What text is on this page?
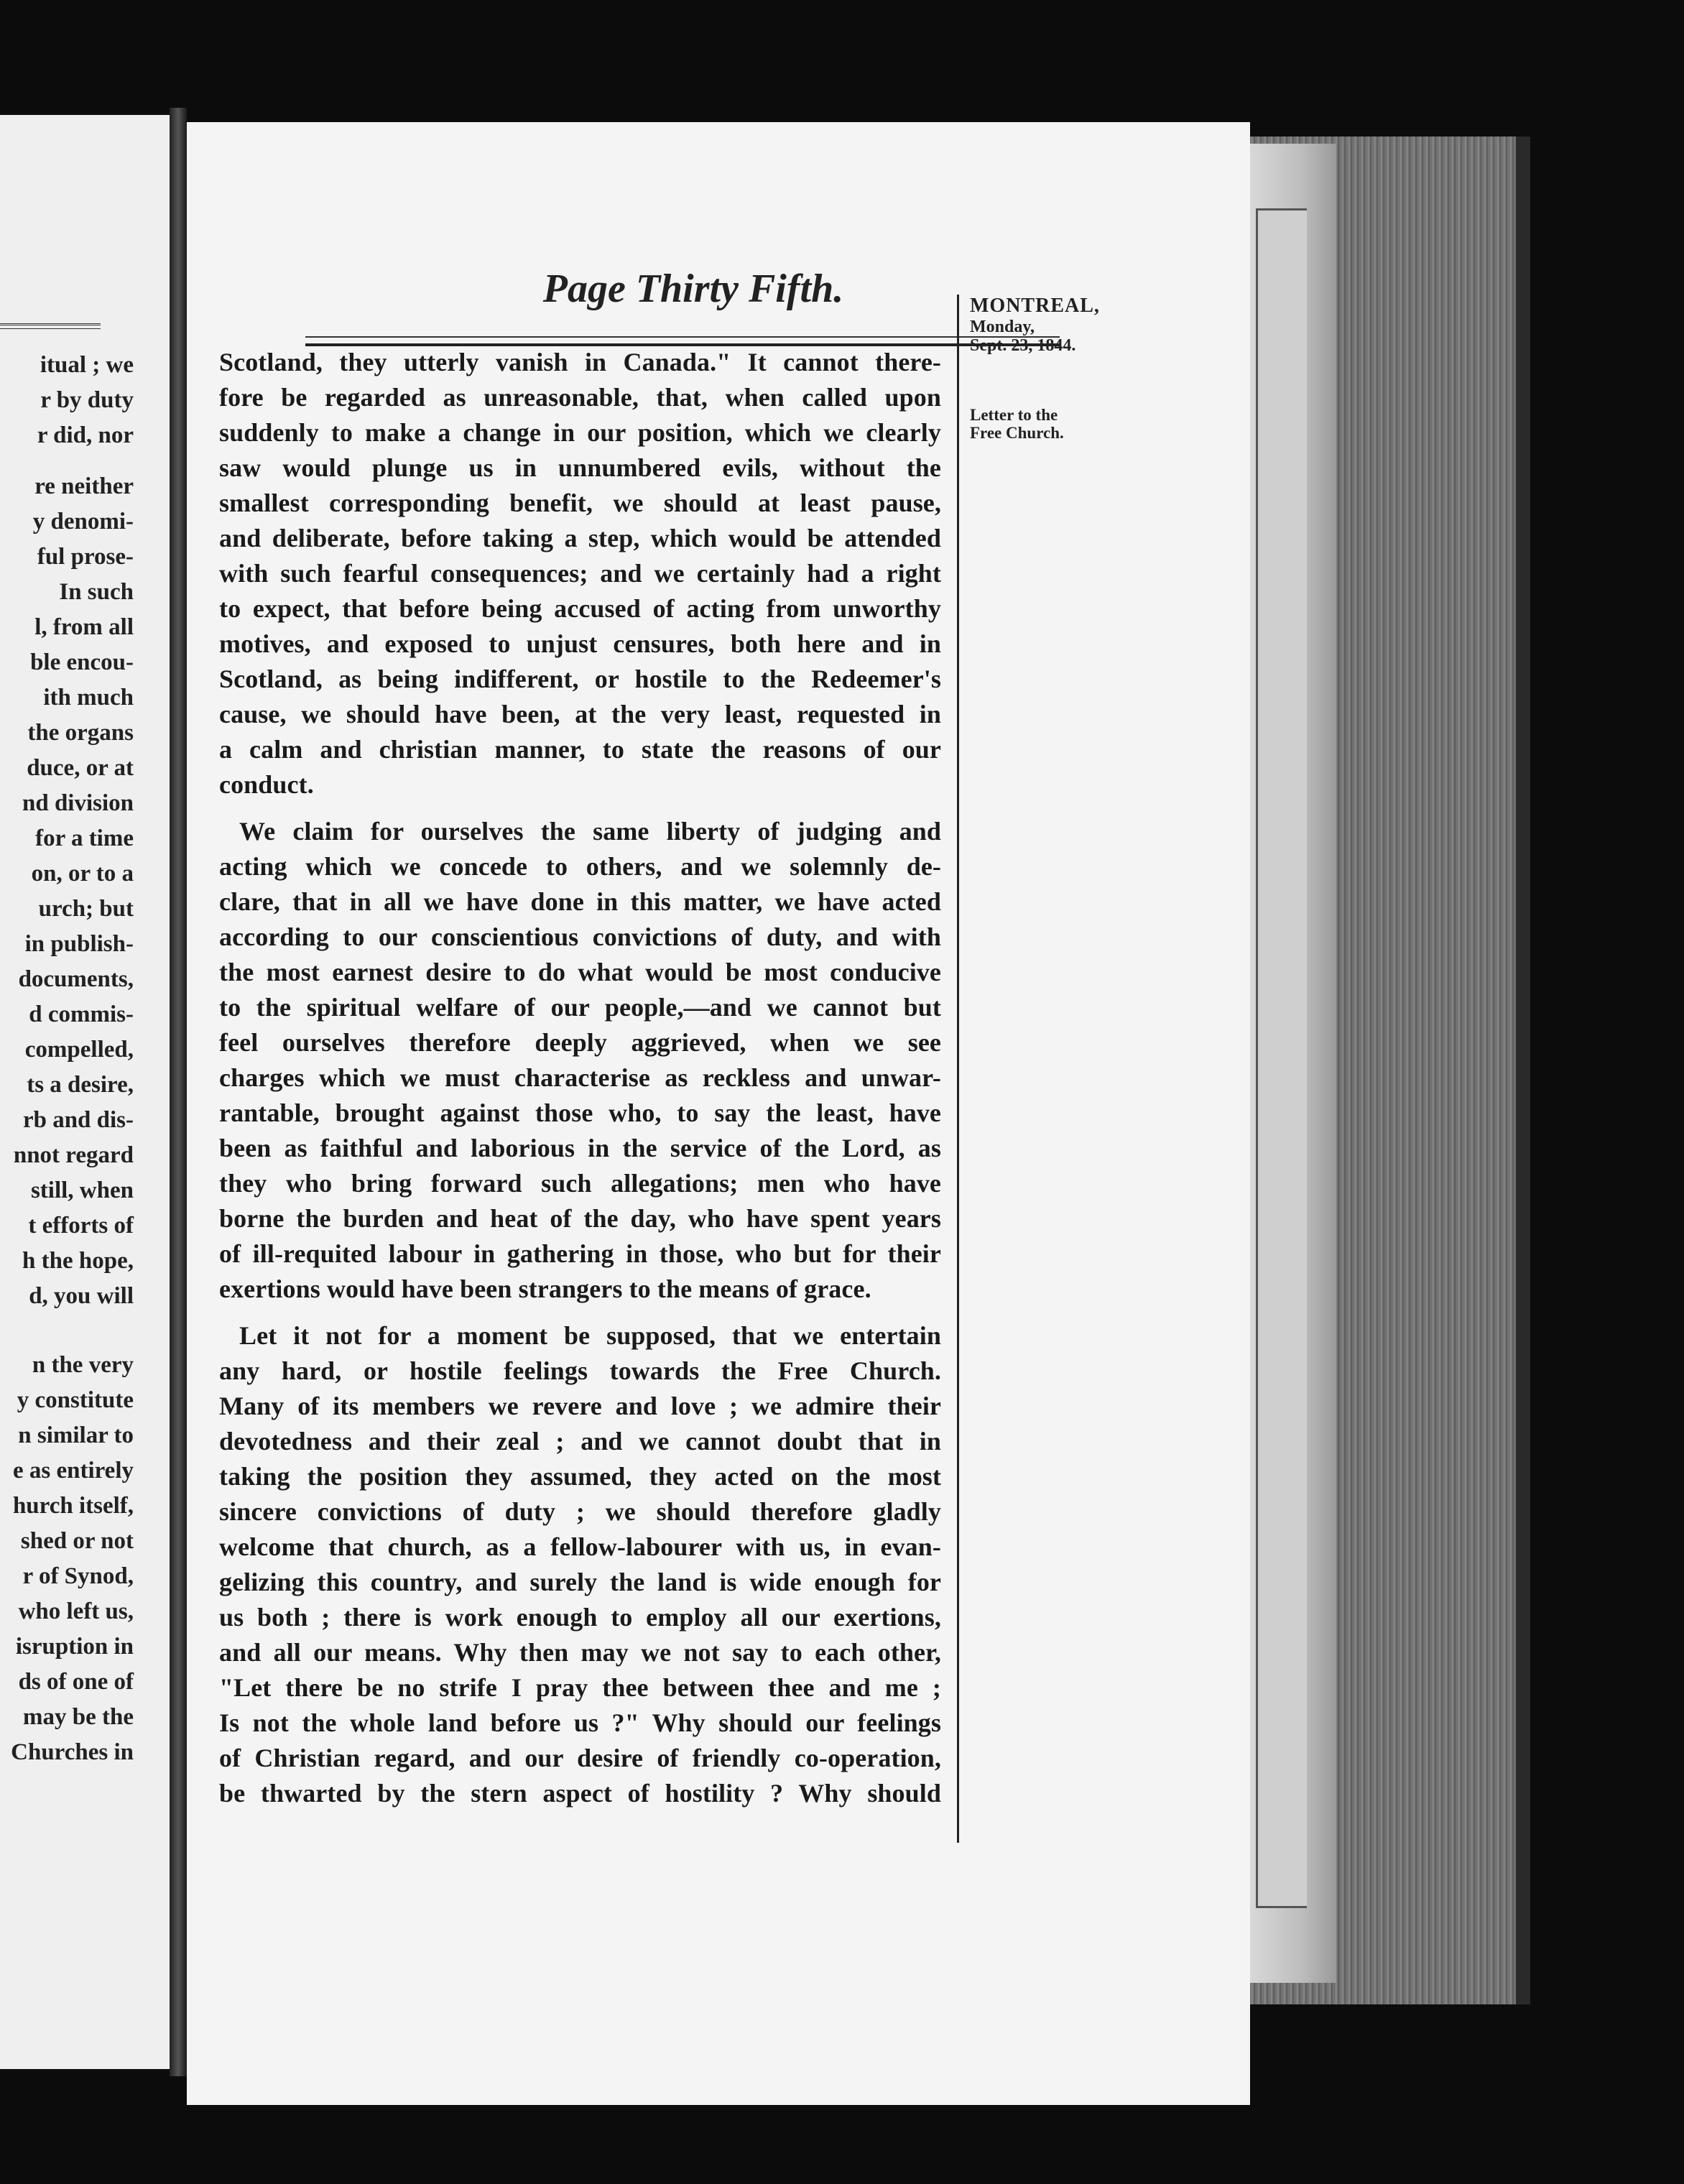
itual ; we
r by duty
r did, nor
re neither
y denomi-
ful prose-
In such
l, from all
ble encou-
ith much
the organs
duce, or at
nd division
for a time
on, or to a
urch; but
in publish-
documents,
d commis-
compelled,
ts a desire,
rb and dis-
nnot regard
still, when
t efforts of
h the hope,
d, you will
n the very
y constitute
n similar to
e as entirely
hurch itself,
shed or not
r of Synod,
who left us,
isruption in
ds of one of
may be the
Churches in
Page Thirty Fifth.	MONTREAL,
Monday,
Sept. 23, 1844.
Letter to the
Free Church.

Scotland, they utterly vanish in Canada." It cannot there-
fore be regarded as unreasonable, that, when called upon
suddenly to make a change in our position, which we clearly
saw would plunge us in unnumbered evils, without the
smallest corresponding benefit, we should at least pause,
and deliberate, before taking a step, which would be attended
with such fearful consequences; and we certainly had a right
to expect, that before being accused of acting from unworthy
motives, and exposed to unjust censures, both here and in
Scotland, as being indifferent, or hostile to the Redeemer's
cause, we should have been, at the very least, requested in
a calm and christian manner, to state the reasons of our
conduct.

We claim for ourselves the same liberty of judging and
acting which we concede to others, and we solemnly de-
clare, that in all we have done in this matter, we have acted
according to our conscientious convictions of duty, and with
the most earnest desire to do what would be most conducive
to the spiritual welfare of our people,—and we cannot but
feel ourselves therefore deeply aggrieved, when we see
charges which we must characterise as reckless and unwar-
rantable, brought against those who, to say the least, have
been as faithful and laborious in the service of the Lord, as
they who bring forward such allegations; men who have
borne the burden and heat of the day, who have spent years
of ill-requited labour in gathering in those, who but for their
exertions would have been strangers to the means of grace.

Let it not for a moment be supposed, that we entertain
any hard, or hostile feelings towards the Free Church.
Many of its members we revere and love ; we admire their
devotedness and their zeal ; and we cannot doubt that in
taking the position they assumed, they acted on the most
sincere convictions of duty ; we should therefore gladly
welcome that church, as a fellow-labourer with us, in evan-
gelizing this country, and surely the land is wide enough for
us both ; there is work enough to employ all our exertions,
and all our means. Why then may we not say to each other,
"Let there be no strife I pray thee between thee and me ;
Is not the whole land before us ?" Why should our feelings
of Christian regard, and our desire of friendly co-operation,
be thwarted by the stern aspect of hostility ? Why should
